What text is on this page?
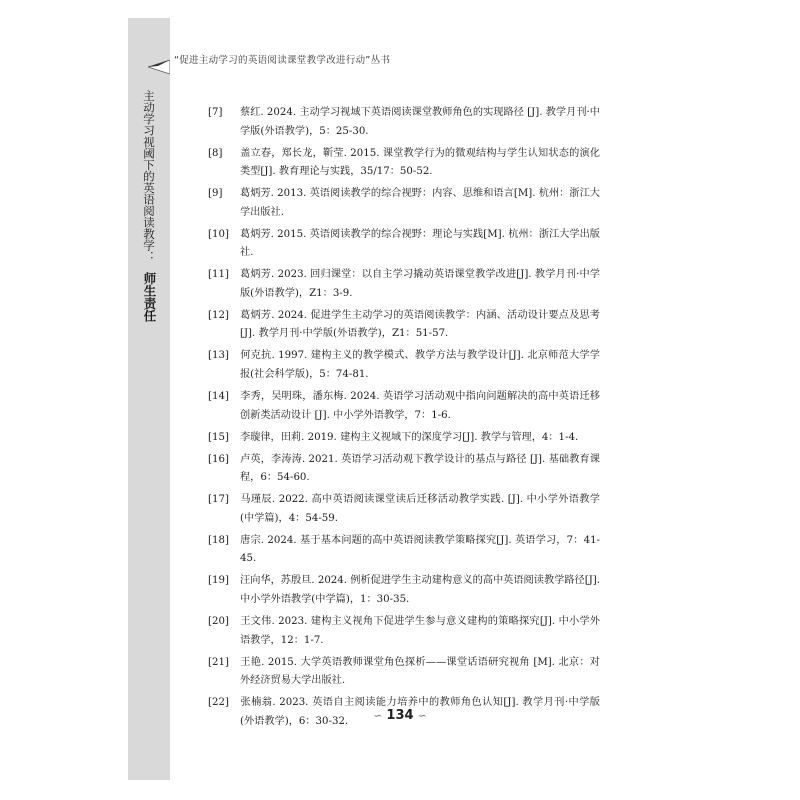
主动学习视阈下的英语阅读教学： 师生责任
“促进主动学习的英语阅读课堂教学改进行动”丛书
[7] 蔡红. 2024. 主动学习视域下英语阅读课堂教师角色的实现路径 [J]. 教学月刊·中学版(外语教学)，5：25-30.
[8] 盖立春，郑长龙，靳莹. 2015. 课堂教学行为的微观结构与学生认知状态的演化类型[J]. 教育理论与实践，35/17：50-52.
[9] 葛炳芳. 2013. 英语阅读教学的综合视野：内容、思维和语言[M]. 杭州：浙江大学出版社.
[10] 葛炳芳. 2015. 英语阅读教学的综合视野：理论与实践[M]. 杭州：浙江大学出版社.
[11] 葛炳芳. 2023. 回归课堂：以自主学习撬动英语课堂教学改进[J]. 教学月刊·中学版(外语教学)，Z1：3-9.
[12] 葛炳芳. 2024. 促进学生主动学习的英语阅读教学：内涵、活动设计要点及思考 [J]. 教学月刊·中学版(外语教学)，Z1：51-57.
[13] 何克抗. 1997. 建构主义的教学模式、教学方法与教学设计[J]. 北京师范大学学报(社会科学版)，5：74-81.
[14] 李秀，吴明珠，潘东梅. 2024. 英语学习活动观中指向问题解决的高中英语迁移创新类活动设计 [J]. 中小学外语教学，7：1-6.
[15] 李璇律，田莉. 2019. 建构主义视域下的深度学习[J]. 教学与管理，4：1-4.
[16] 卢英，李涛涛. 2021. 英语学习活动观下教学设计的基点与路径 [J]. 基础教育课程，6：54-60.
[17] 马瑾辰. 2022. 高中英语阅读课堂读后迁移活动教学实践. [J]. 中小学外语教学(中学篇)，4：54-59.
[18] 唐宗. 2024. 基于基本问题的高中英语阅读教学策略探究[J]. 英语学习，7：41-45.
[19] 汪向华，苏殷旦. 2024. 例析促进学生主动建构意义的高中英语阅读教学路径[J]. 中小学外语教学(中学篇)，1：30-35.
[20] 王文伟. 2023. 建构主义视角下促进学生参与意义建构的策略探究[J]. 中小学外语教学，12：1-7.
[21] 王艳. 2015. 大学英语教师课堂角色探析——课堂话语研究视角 [M]. 北京：对外经济贸易大学出版社.
[22] 张楠翁. 2023. 英语自主阅读能力培养中的教师角色认知[J]. 教学月刊·中学版(外语教学)，6：30-32.	∽ 134 ∽
